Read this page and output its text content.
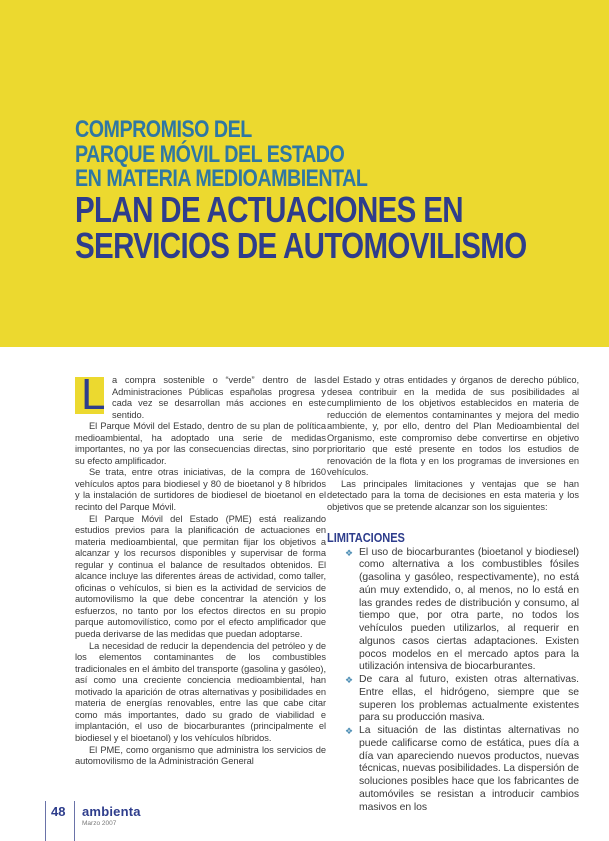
COMPROMISO DEL
PARQUE MÓVIL DEL ESTADO
EN MATERIA MEDIOAMBIENTAL
PLAN DE ACTUACIONES EN
SERVICIOS DE AUTOMOVILISMO
L a compra sostenible o “verde” dentro de las Administraciones Públicas españolas progresa y cada vez se desarrollan más acciones en este sentido.

El Parque Móvil del Estado, dentro de su plan de política medioambiental, ha adoptado una serie de medidas importantes, no ya por las consecuencias directas, sino por su efecto amplificador.

Se trata, entre otras iniciativas, de la compra de 160 vehículos aptos para biodiesel y 80 de bioetanol y 8 híbridos y la instalación de surtidores de biodiesel de bioetanol en el recinto del Parque Móvil.

El Parque Móvil del Estado (PME) está realizando estudios previos para la planificación de actuaciones en materia medioambiental, que permitan fijar los objetivos a alcanzar y los recursos disponibles y supervisar de forma regular y continua el balance de resultados obtenidos. El alcance incluye las diferentes áreas de actividad, como taller, oficinas o vehículos, si bien es la actividad de servicios de automovilismo la que debe concentrar la atención y los esfuerzos, no tanto por los efectos directos en su propio parque automovilístico, como por el efecto amplificador que pueda derivarse de las medidas que puedan adoptarse.

La necesidad de reducir la dependencia del petróleo y de los elementos contaminantes de los combustibles tradicionales en el ámbito del transporte (gasolina y gasóleo), así como una creciente conciencia medioambiental, han motivado la aparición de otras alternativas y posibilidades en materia de energías renovables, entre las que cabe citar como más importantes, dado su grado de viabilidad e implantación, el uso de biocarburantes (principalmente el biodiesel y el bioetanol) y los vehículos híbridos.

El PME, como organismo que administra los servicios de automovilismo de la Administración General

del Estado y otras entidades y órganos de derecho público, desea contribuir en la medida de sus posibilidades al cumplimiento de los objetivos establecidos en materia de reducción de elementos contaminantes y mejora del medio ambiente, y, por ello, dentro del Plan Medioambiental del Organismo, este compromiso debe convertirse en objetivo prioritario que esté presente en todos los estudios de renovación de la flota y en los programas de inversiones en vehículos.

Las principales limitaciones y ventajas que se han detectado para la toma de decisiones en esta materia y los objetivos que se pretende alcanzar son los siguientes:

LIMITACIONES
❖ El uso de biocarburantes (bioetanol y biodiesel) como alternativa a los combustibles fósiles (gasolina y gasóleo, respectivamente), no está aún muy extendido, o, al menos, no lo está en las grandes redes de distribución y consumo, al tiempo que, por otra parte, no todos los vehículos pueden utilizarlos, al requerir en algunos casos ciertas adaptaciones. Existen pocos modelos en el mercado aptos para la utilización intensiva de biocarburantes.
❖ De cara al futuro, existen otras alternativas. Entre ellas, el hidrógeno, siempre que se superen los problemas actualmente existentes para su producción masiva.
❖ La situación de las distintas alternativas no puede calificarse como de estática, pues día a día van apareciendo nuevos productos, nuevas técnicas, nuevas posibilidades. La dispersión de soluciones posibles hace que los fabricantes de automóviles se resistan a introducir cambios masivos en los
48 ambienta
Marzo 2007
